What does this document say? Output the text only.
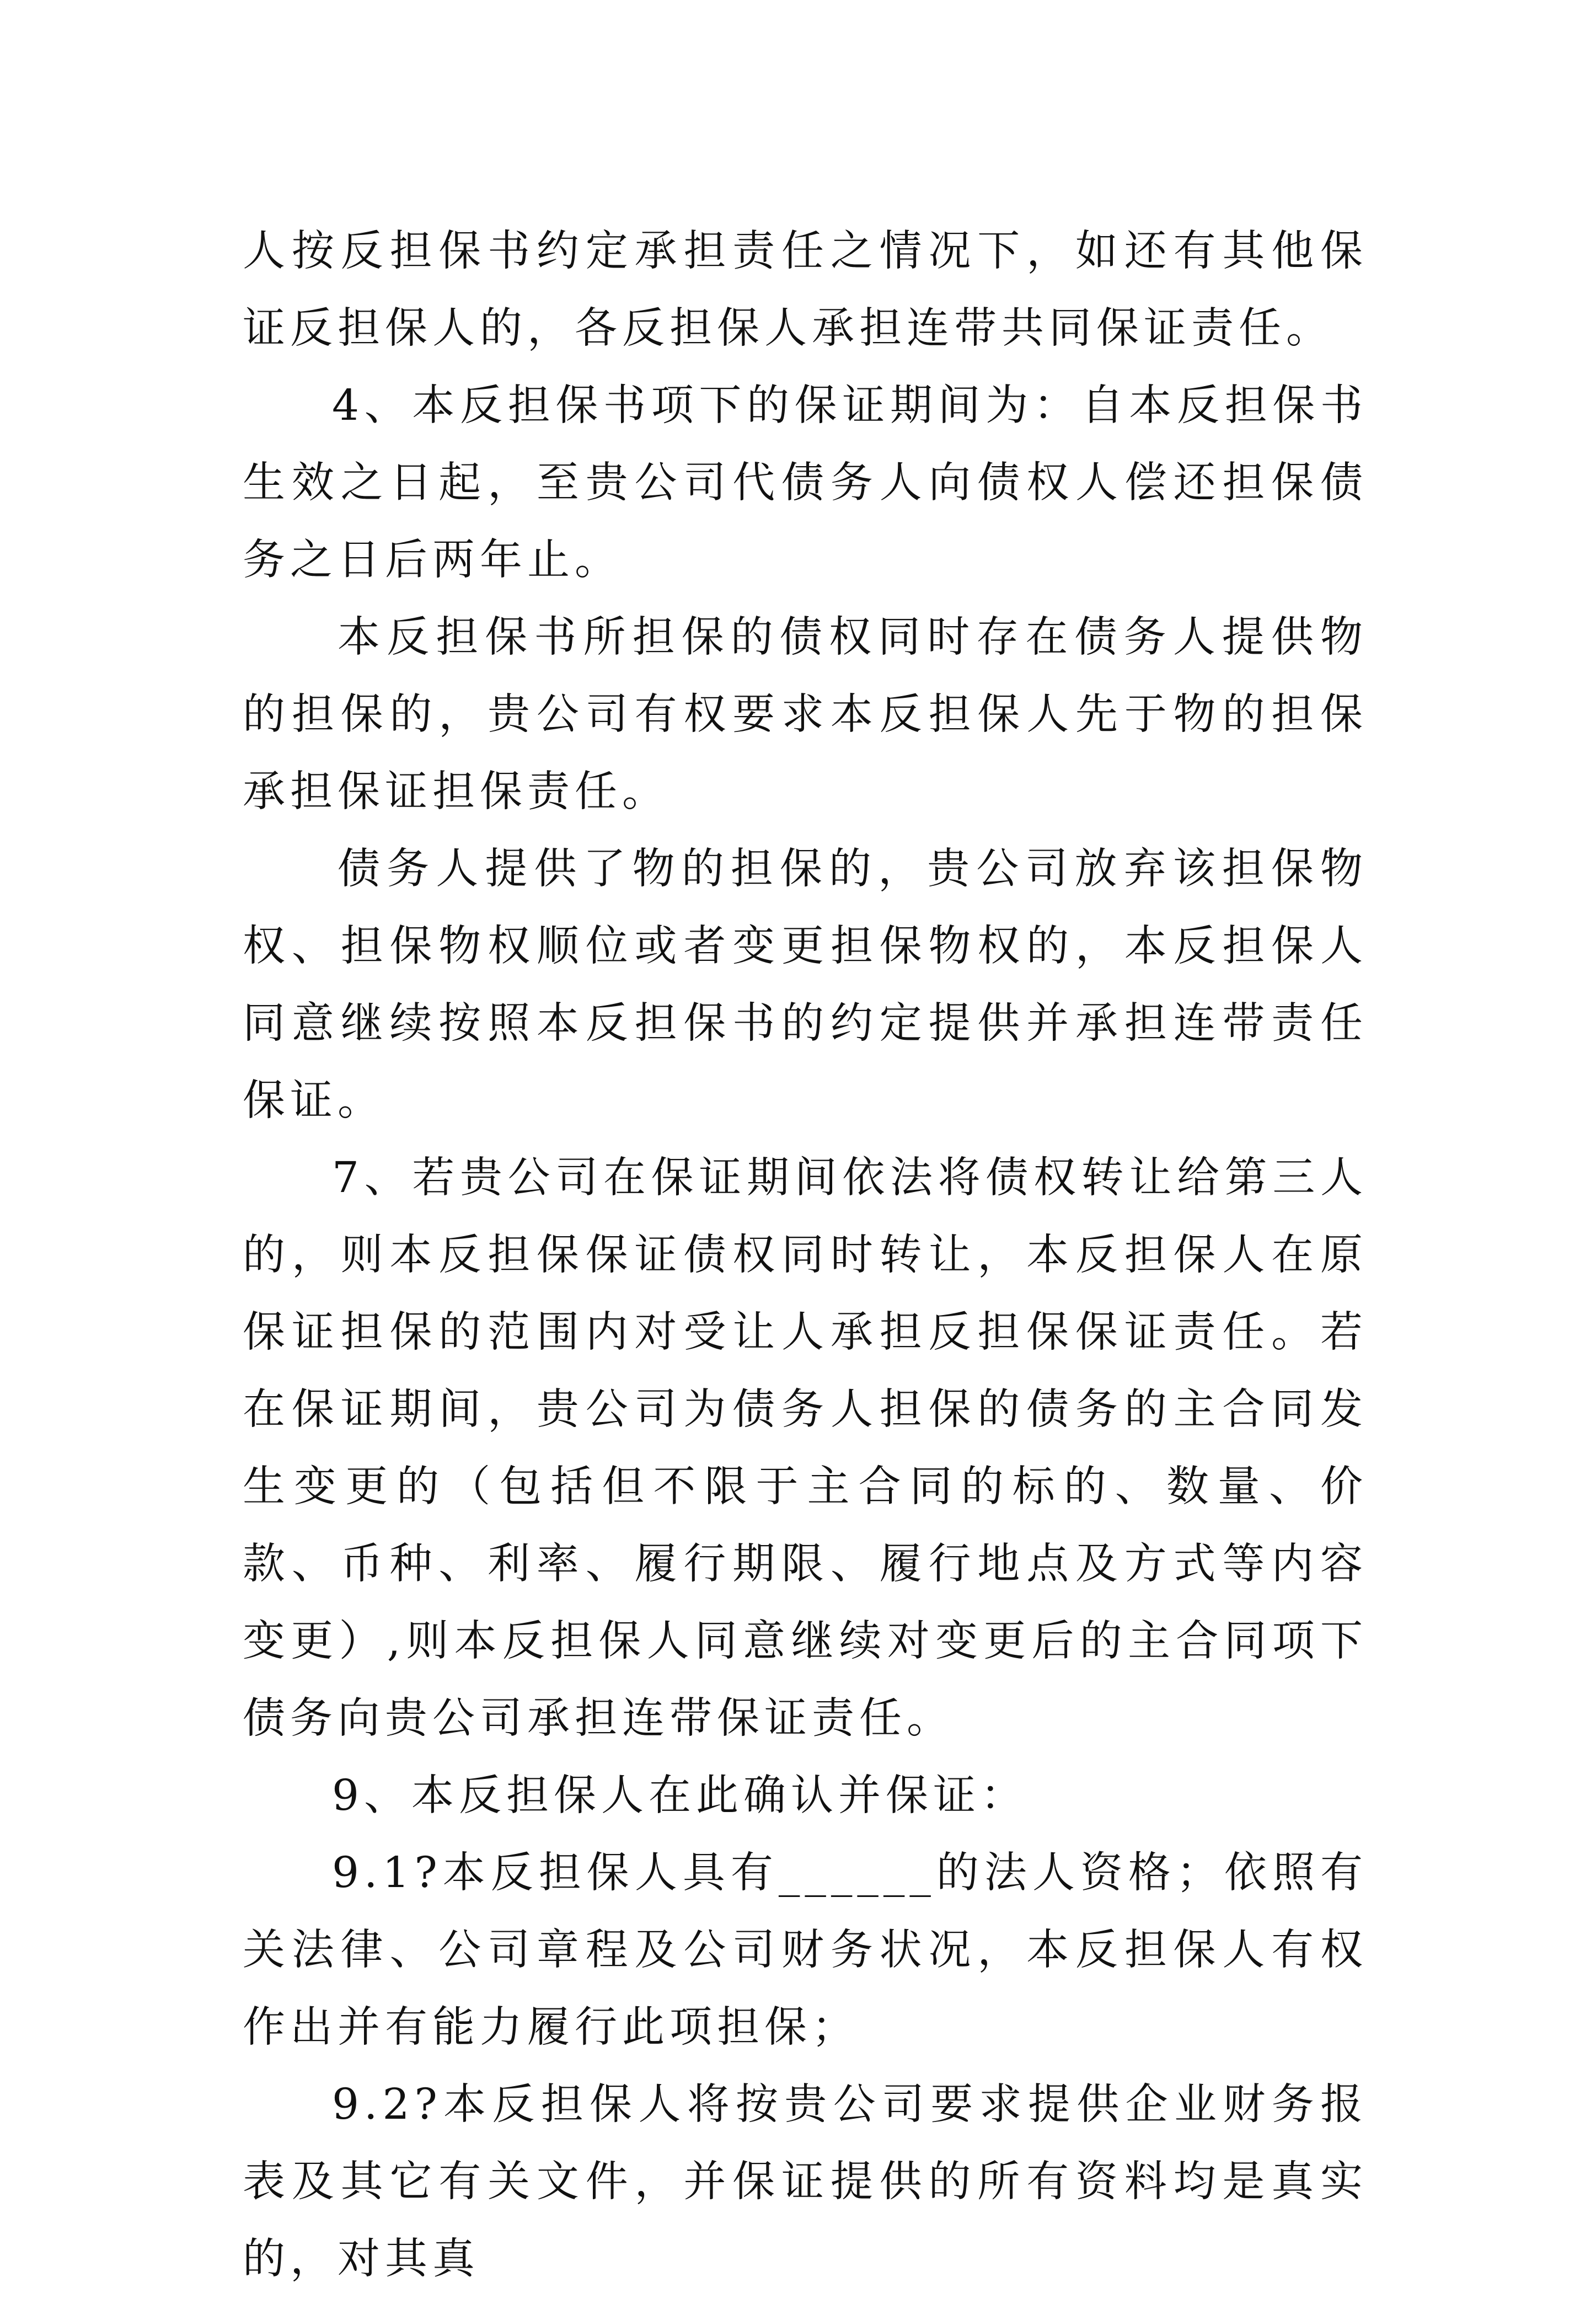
人按反担保书约定承担责任之情况下，如还有其他保证反担保人的，各反担保人承担连带共同保证责任。

4、本反担保书项下的保证期间为：自本反担保书生效之日起，至贵公司代债务人向债权人偿还担保债务之日后两年止。

本反担保书所担保的债权同时存在债务人提供物的担保的，贵公司有权要求本反担保人先于物的担保承担保证担保责任。

债务人提供了物的担保的，贵公司放弃该担保物权、担保物权顺位或者变更担保物权的，本反担保人同意继续按照本反担保书的约定提供并承担连带责任保证。

7、若贵公司在保证期间依法将债权转让给第三人的，则本反担保保证债权同时转让，本反担保人在原保证担保的范围内对受让人承担反担保保证责任。若在保证期间，贵公司为债务人担保的债务的主合同发生变更的（包括但不限于主合同的标的、数量、价款、币种、利率、履行期限、履行地点及方式等内容变更）,则本反担保人同意继续对变更后的主合同项下债务向贵公司承担连带保证责任。

9、本反担保人在此确认并保证：

9.1?本反担保人具有______的法人资格；依照有关法律、公司章程及公司财务状况，本反担保人有权作出并有能力履行此项担保；

9.2?本反担保人将按贵公司要求提供企业财务报表及其它有关文件，并保证提供的所有资料均是真实的，对其真
